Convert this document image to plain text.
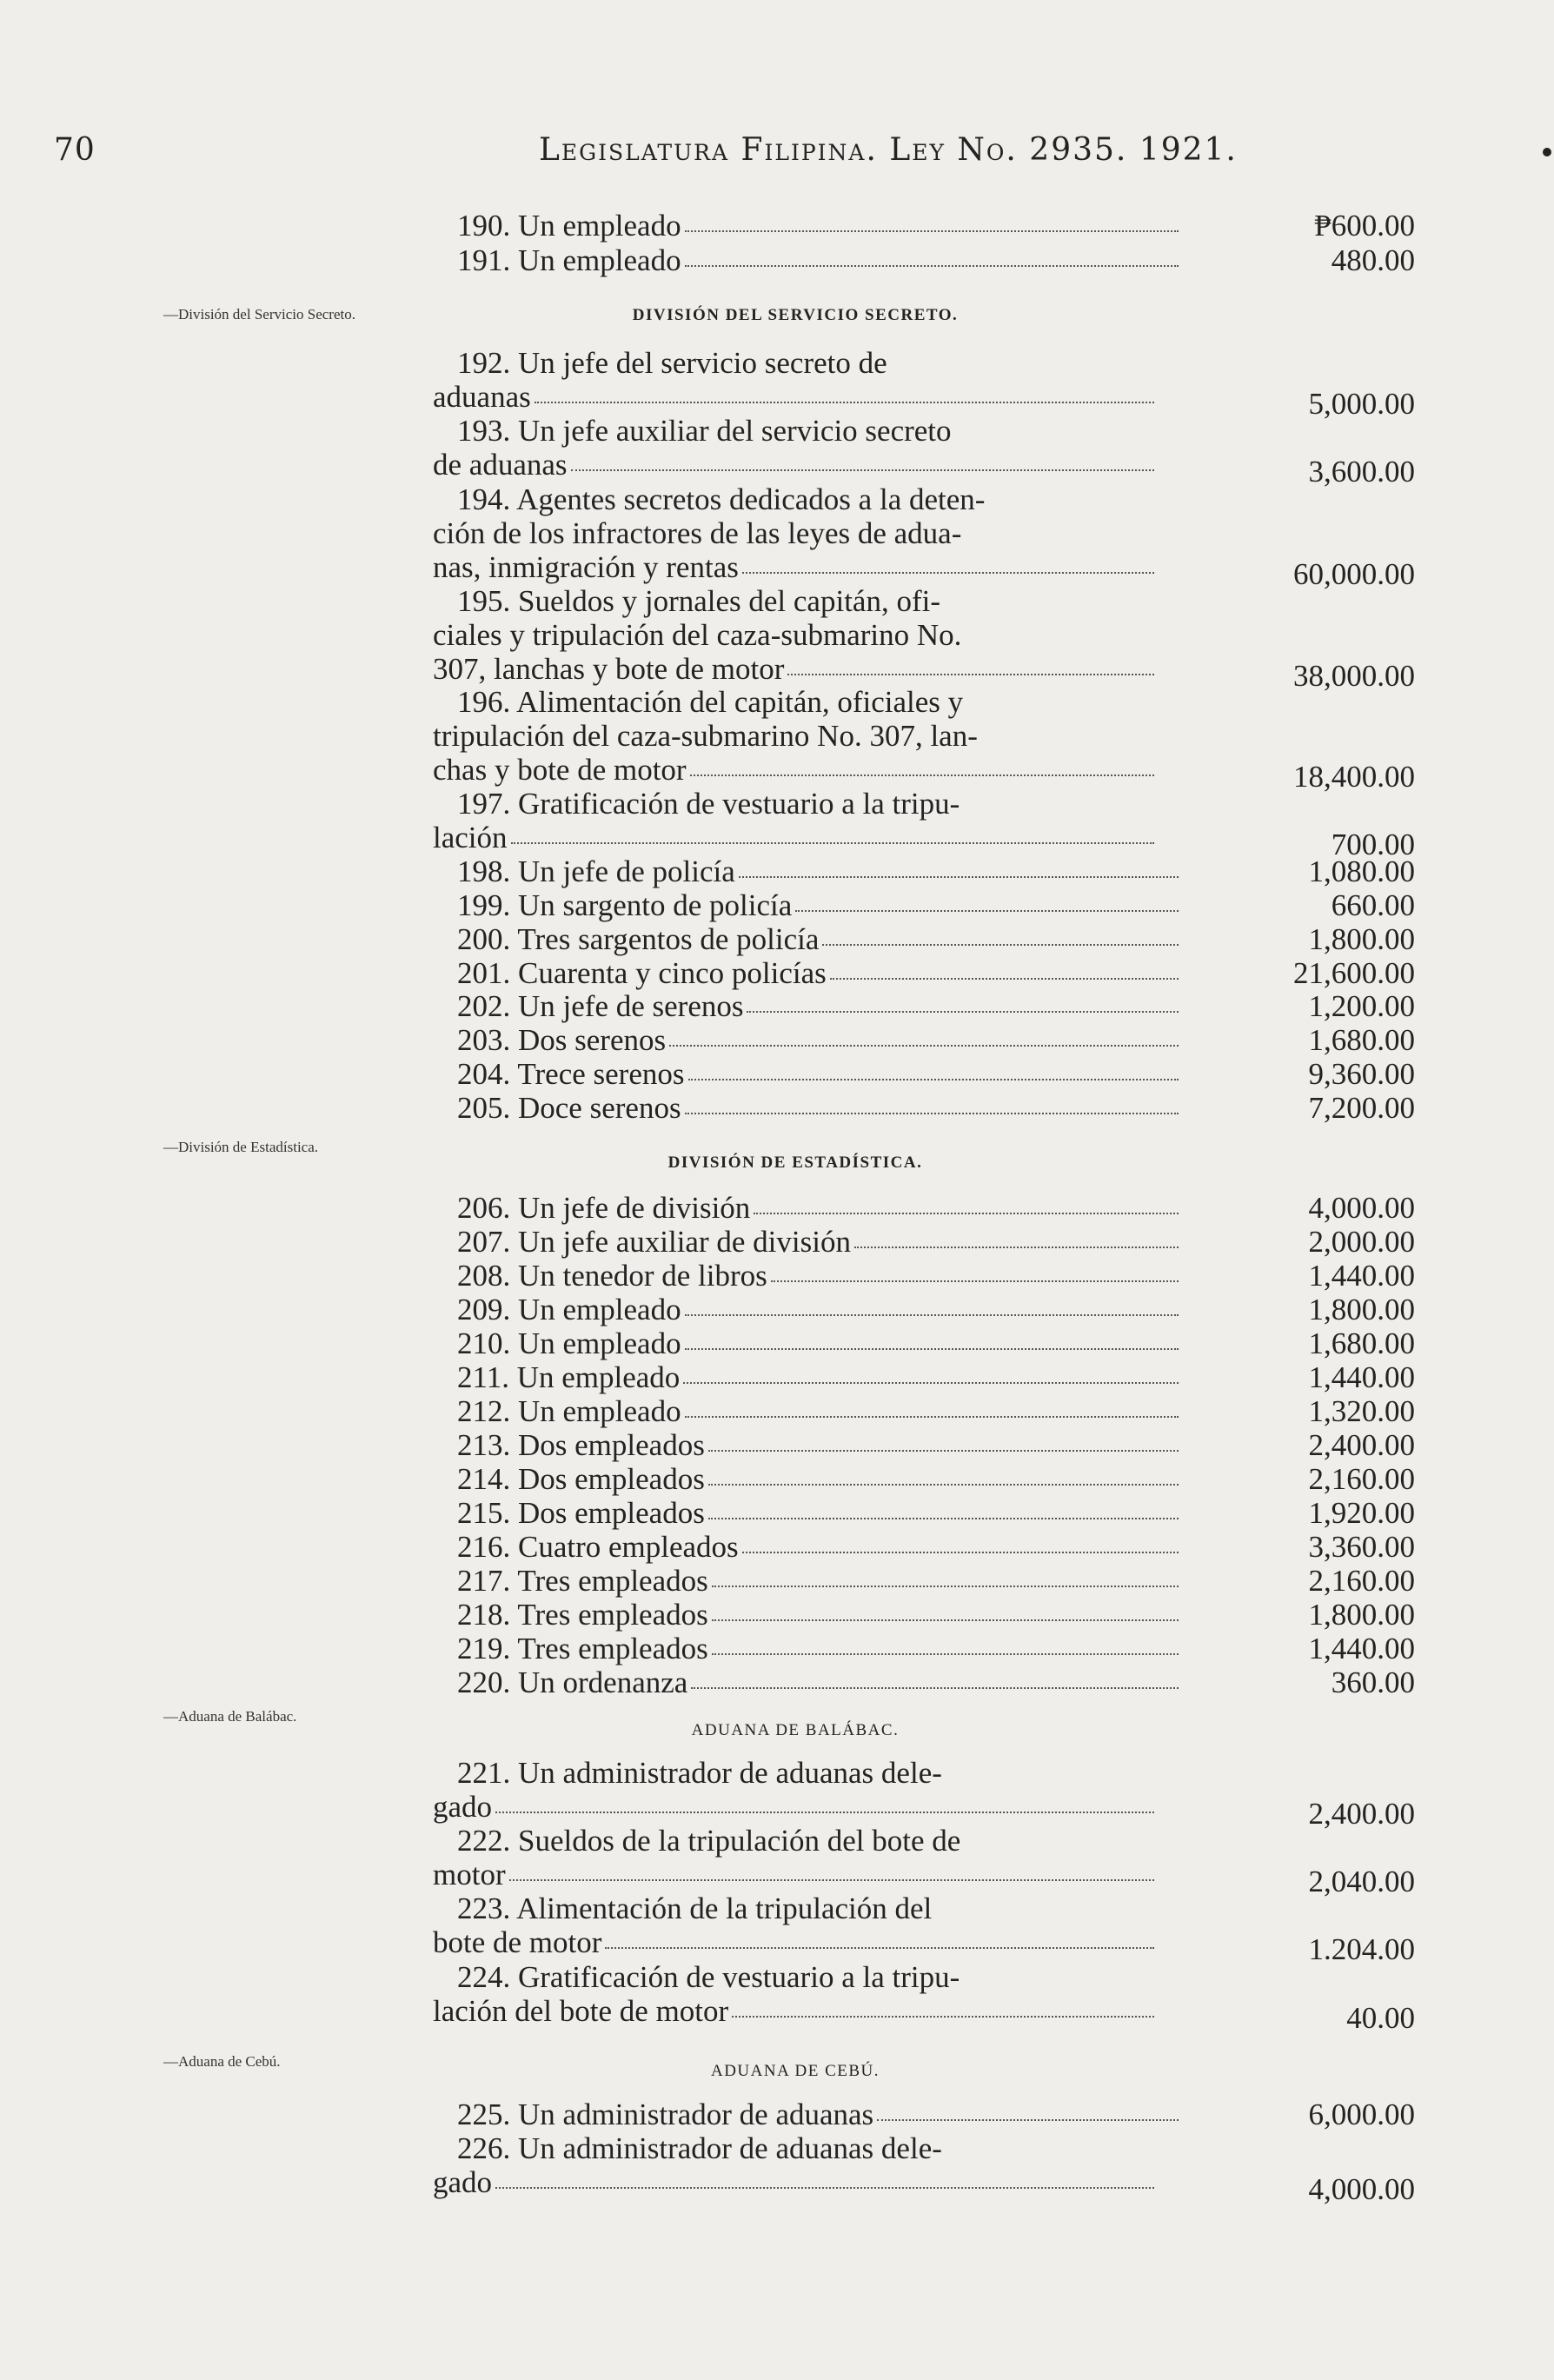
70	Legislatura Filipina. Ley No. 2935. 1921.
—División del Servicio Secreto.
—División de Estadística.
—Aduana de Balábac.
—Aduana de Cebú.
DIVISIÓN DEL SERVICIO SECRETO.
DIVISIÓN DE ESTADÍSTICA.
ADUANA DE BALÁBAC.
ADUANA DE CEBÚ.
190. Un empleado	₱600.00
191. Un empleado	480.00
192. Un jefe del servicio secreto de
aduanas	5,000.00
193. Un jefe auxiliar del servicio secreto
de aduanas	3,600.00
194. Agentes secretos dedicados a la deten-
ción de los infractores de las leyes de adua-
nas, inmigración y rentas	60,000.00
195. Sueldos y jornales del capitán, ofi-
ciales y tripulación del caza-submarino No.
307, lanchas y bote de motor	38,000.00
196. Alimentación del capitán, oficiales y
tripulación del caza-submarino No. 307, lan-
chas y bote de motor	18,400.00
197. Gratificación de vestuario a la tripu-
lación	700.00
198. Un jefe de policía	1,080.00
199. Un sargento de policía	660.00
200. Tres sargentos de policía	1,800.00
201. Cuarenta y cinco policías	21,600.00
202. Un jefe de serenos	1,200.00
203. Dos serenos	1,680.00
204. Trece serenos	9,360.00
205. Doce serenos	7,200.00
206. Un jefe de división	4,000.00
207. Un jefe auxiliar de división	2,000.00
208. Un tenedor de libros	1,440.00
209. Un empleado	1,800.00
210. Un empleado	1,680.00
211. Un empleado	1,440.00
212. Un empleado	1,320.00
213. Dos empleados	2,400.00
214. Dos empleados	2,160.00
215. Dos empleados	1,920.00
216. Cuatro empleados	3,360.00
217. Tres empleados	2,160.00
218. Tres empleados	1,800.00
219. Tres empleados	1,440.00
220. Un ordenanza	360.00
221. Un administrador de aduanas dele-
gado	2,400.00
222. Sueldos de la tripulación del bote de
motor	2,040.00
223. Alimentación de la tripulación del
bote de motor	1.204.00
224. Gratificación de vestuario a la tripu-
lación del bote de motor	40.00
225. Un administrador de aduanas	6,000.00
226. Un administrador de aduanas dele-
gado	4,000.00
